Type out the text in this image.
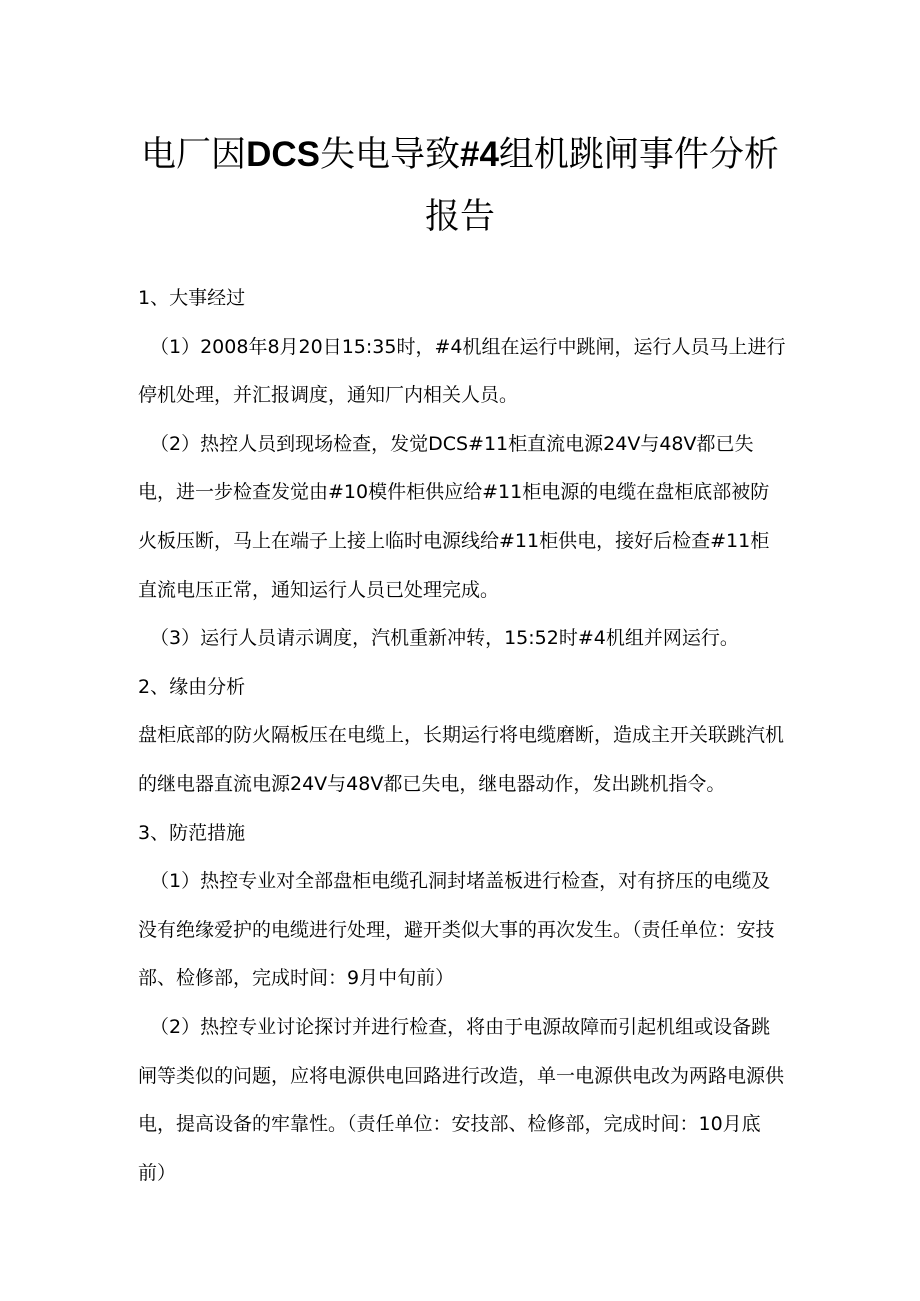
电厂因DCS失电导致#4组机跳闸事件分析
报告

1、大事经过

（1）2008年8月20日15:35时，#4机组在运行中跳闸，运行人员马上进行停机处理，并汇报调度，通知厂内相关人员。

（2）热控人员到现场检查，发觉DCS#11柜直流电源24V与48V都已失电，进一步检查发觉由#10模件柜供应给#11柜电源的电缆在盘柜底部被防火板压断，马上在端子上接上临时电源线给#11柜供电，接好后检查#11柜直流电压正常，通知运行人员已处理完成。

（3）运行人员请示调度，汽机重新冲转，15:52时#4机组并网运行。

2、缘由分析

盘柜底部的防火隔板压在电缆上，长期运行将电缆磨断，造成主开关联跳汽机的继电器直流电源24V与48V都已失电，继电器动作，发出跳机指令。

3、防范措施

（1）热控专业对全部盘柜电缆孔洞封堵盖板进行检查，对有挤压的电缆及没有绝缘爱护的电缆进行处理，避开类似大事的再次发生。（责任单位：安技部、检修部，完成时间：9月中旬前）

（2）热控专业讨论探讨并进行检查，将由于电源故障而引起机组或设备跳闸等类似的问题，应将电源供电回路进行改造，单一电源供电改为两路电源供电，提高设备的牢靠性。（责任单位：安技部、检修部，完成时间：10月底前）
